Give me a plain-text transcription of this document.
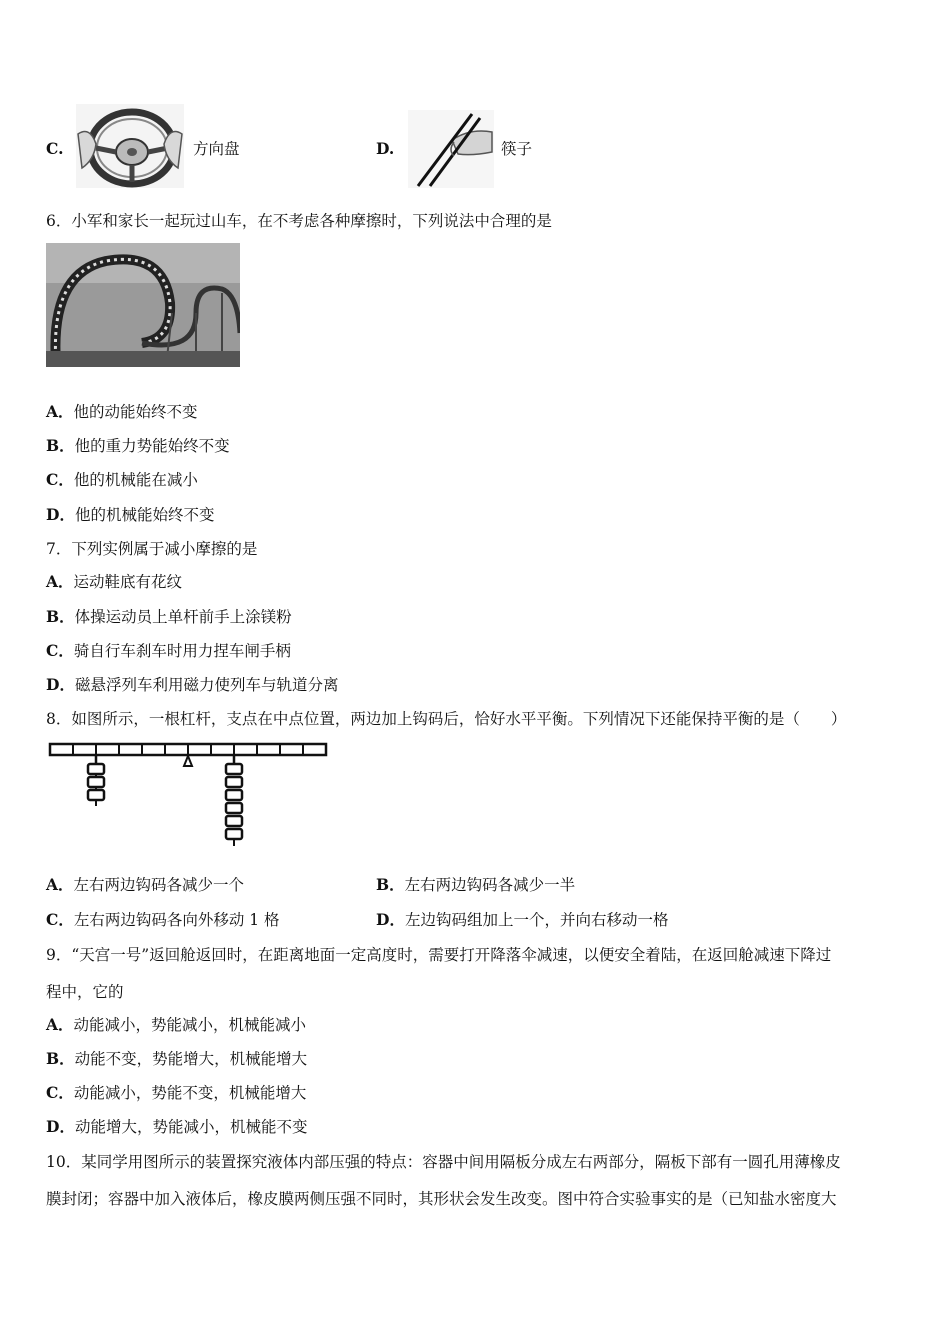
C.	方向盘	D.	筷子
6．小军和家长一起玩过山车，在不考虑各种摩擦时，下列说法中合理的是
A．他的动能始终不变
B．他的重力势能始终不变
C．他的机械能在减小
D．他的机械能始终不变
7．下列实例属于减小摩擦的是
A．运动鞋底有花纹
B．体操运动员上单杆前手上涂镁粉
C．骑自行车刹车时用力捏车闸手柄
D．磁悬浮列车利用磁力使列车与轨道分离
8．如图所示，一根杠杆，支点在中点位置，两边加上钩码后，恰好水平平衡。下列情况下还能保持平衡的是（　　）
A．左右两边钩码各减少一个	B．左右两边钩码各减少一半
C．左右两边钩码各向外移动 1 格	D．左边钩码组加上一个，并向右移动一格
9．“天宫一号”返回舱返回时，在距离地面一定高度时，需要打开降落伞减速，以便安全着陆，在返回舱减速下降过
程中，它的
A．动能减小，势能减小，机械能减小
B．动能不变，势能增大，机械能增大
C．动能减小，势能不变，机械能增大
D．动能增大，势能减小，机械能不变
10．某同学用图所示的装置探究液体内部压强的特点：容器中间用隔板分成左右两部分，隔板下部有一圆孔用薄橡皮
膜封闭；容器中加入液体后，橡皮膜两侧压强不同时，其形状会发生改变。图中符合实验事实的是（已知盐水密度大
